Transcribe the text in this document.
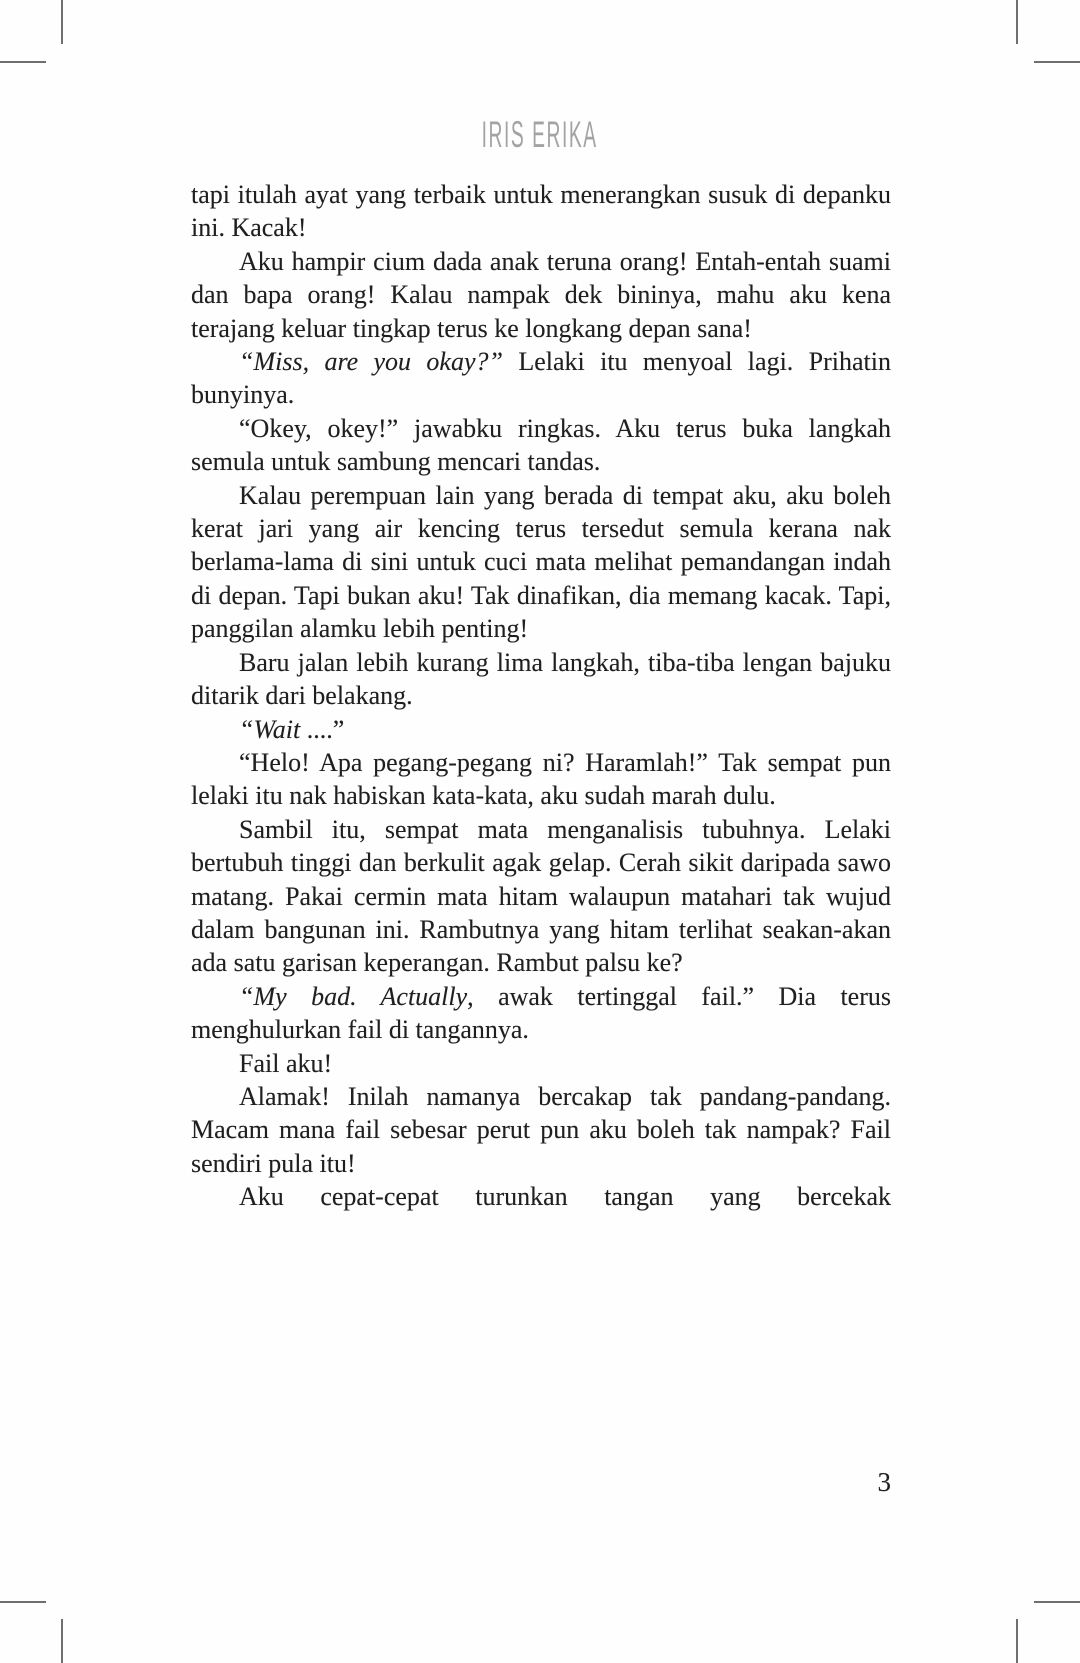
IRIS ERIKA

tapi itulah ayat yang terbaik untuk menerangkan susuk di depanku ini. Kacak!

Aku hampir cium dada anak teruna orang! Entah-entah suami dan bapa orang! Kalau nampak dek bininya, mahu aku kena terajang keluar tingkap terus ke longkang depan sana!

“Miss, are you okay?” Lelaki itu menyoal lagi. Prihatin bunyinya.

“Okey, okey!” jawabku ringkas. Aku terus buka langkah semula untuk sambung mencari tandas.

Kalau perempuan lain yang berada di tempat aku, aku boleh kerat jari yang air kencing terus tersedut semula kerana nak berlama-lama di sini untuk cuci mata melihat pemandangan indah di depan. Tapi bukan aku! Tak dinafikan, dia memang kacak. Tapi, panggilan alamku lebih penting!

Baru jalan lebih kurang lima langkah, tiba-tiba lengan bajuku ditarik dari belakang.

“Wait ....”

“Helo! Apa pegang-pegang ni? Haramlah!” Tak sempat pun lelaki itu nak habiskan kata-kata, aku sudah marah dulu.

Sambil itu, sempat mata menganalisis tubuhnya. Lelaki bertubuh tinggi dan berkulit agak gelap. Cerah sikit daripada sawo matang. Pakai cermin mata hitam walaupun matahari tak wujud dalam bangunan ini. Rambutnya yang hitam terlihat seakan-akan ada satu garisan keperangan. Rambut palsu ke?

“My bad. Actually, awak tertinggal fail.” Dia terus menghulurkan fail di tangannya.

Fail aku!

Alamak! Inilah namanya bercakap tak pandang-pandang. Macam mana fail sebesar perut pun aku boleh tak nampak? Fail sendiri pula itu!

Aku cepat-cepat turunkan tangan yang bercekak

3
